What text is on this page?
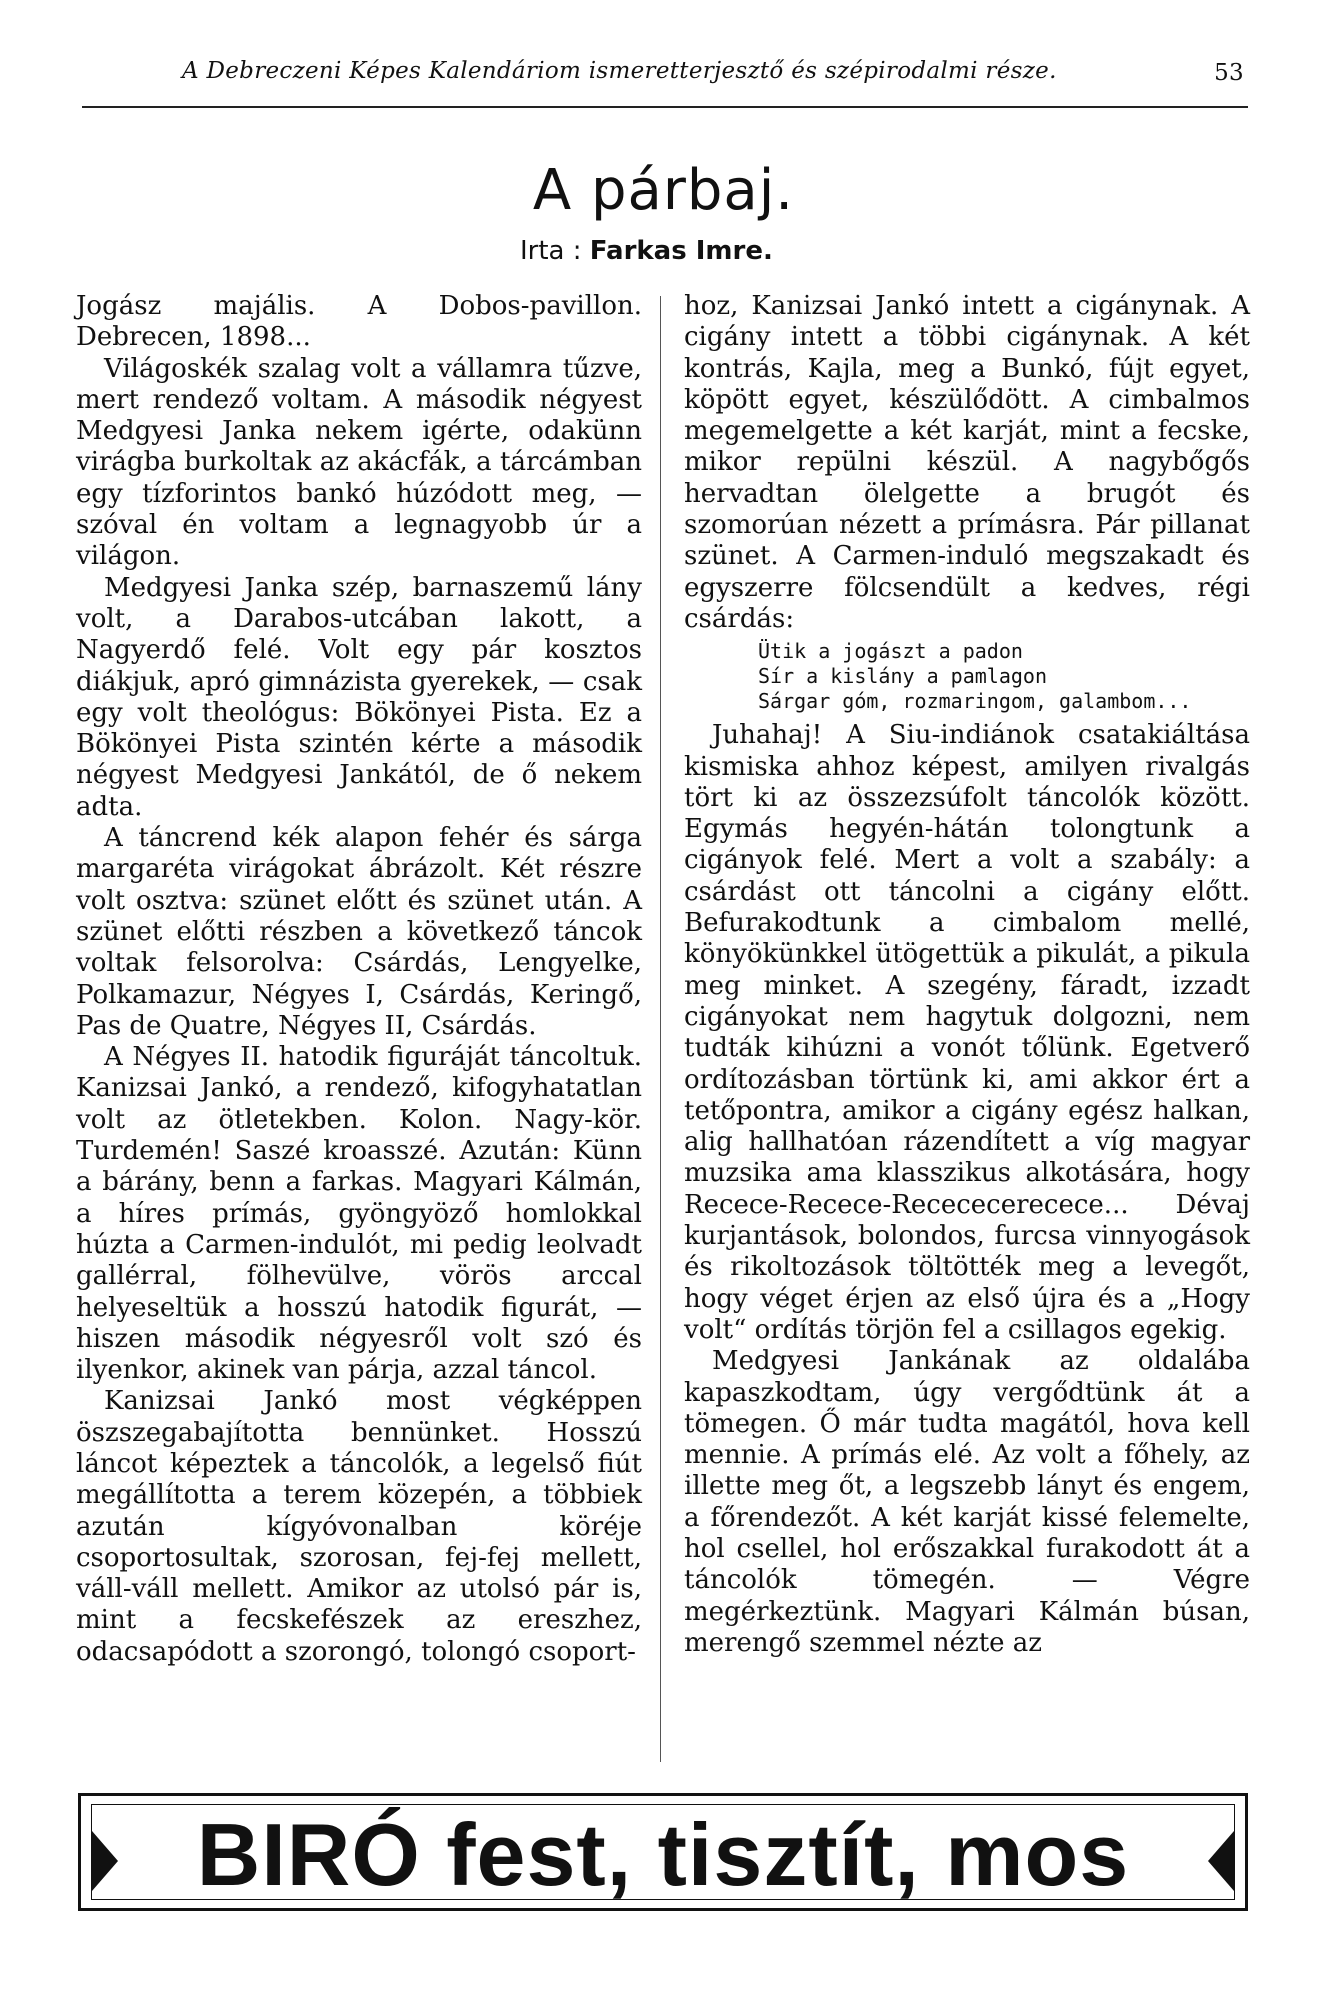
A Debreczeni Képes Kalendáriom ismeretterjesztő és szépirodalmi része.	53
A párbaj.
Irta : Farkas Imre.

Jogász majális. A Dobos-pavillon. Debrecen, 1898...

Világoskék szalag volt a vállamra tűzve, mert rendező voltam. A második négyest Medgyesi Janka nekem igérte, odakünn virágba burkoltak az akácfák, a tárcámban egy tízforintos bankó húzódott meg, — szóval én voltam a legnagyobb úr a világon.

Medgyesi Janka szép, barnaszemű lány volt, a Darabos-utcában lakott, a Nagyerdő felé. Volt egy pár kosztos diákjuk, apró gimnázista gyerekek, — csak egy volt theológus: Bökönyei Pista. Ez a Bökönyei Pista szintén kérte a második négyest Medgyesi Jankától, de ő nekem adta.

A táncrend kék alapon fehér és sárga margaréta virágokat ábrázolt. Két részre volt osztva: szünet előtt és szünet után. A szünet előtti részben a következő táncok voltak felsorolva: Csárdás, Lengyelke, Polkamazur, Négyes I, Csárdás, Keringő, Pas de Quatre, Négyes II, Csárdás.

A Négyes II. hatodik figuráját táncoltuk. Kanizsai Jankó, a rendező, kifogyhatatlan volt az ötletekben. Kolon. Nagy-kör. Turdemén! Saszé kroasszé. Azután: Künn a bárány, benn a farkas. Magyari Kálmán, a híres prímás, gyöngyöző homlokkal húzta a Carmen-indulót, mi pedig leolvadt gallérral, fölhevülve, vörös arccal helyeseltük a hosszú hatodik figurát, — hiszen második négyesről volt szó és ilyenkor, akinek van párja, azzal táncol.

Kanizsai Jankó most végképpen öszszegabajította bennünket. Hosszú láncot képeztek a táncolók, a legelső fiút megállította a terem közepén, a többiek azután kígyóvonalban köréje csoportosultak, szorosan, fej-fej mellett, váll-váll mellett. Amikor az utolsó pár is, mint a fecskefészek az ereszhez, odacsapódott a szorongó, tolongó csoport-

hoz, Kanizsai Jankó intett a cigánynak. A cigány intett a többi cigánynak. A két kontrás, Kajla, meg a Bunkó, fújt egyet, köpött egyet, készülődött. A cimbalmos megemelgette a két karját, mint a fecske, mikor repülni készül. A nagybőgős hervadtan ölelgette a brugót és szomorúan nézett a prímásra. Pár pillanat szünet. A Carmen-induló megszakadt és egyszerre fölcsendült a kedves, régi csárdás:

Ütik a jogászt a padon
Sír a kislány a pamlagon
Sárgar góm, rozmaringom, galambom...

Juhahaj! A Siu-indiánok csatakiáltása kismiska ahhoz képest, amilyen rivalgás tört ki az összezsúfolt táncolók között. Egymás hegyén-hátán tolongtunk a cigányok felé. Mert a volt a szabály: a csárdást ott táncolni a cigány előtt. Befurakodtunk a cimbalom mellé, könyökünkkel ütögettük a pikulát, a pikula meg minket. A szegény, fáradt, izzadt cigányokat nem hagytuk dolgozni, nem tudták kihúzni a vonót tőlünk. Egetverő ordítozásban törtünk ki, ami akkor ért a tetőpontra, amikor a cigány egész halkan, alig hallhatóan rázendített a víg magyar muzsika ama klasszikus alkotására, hogy Recece-Recece-Recececerecece... Dévaj kurjantások, bolondos, furcsa vinnyogások és rikoltozások töltötték meg a levegőt, hogy véget érjen az első újra és a „Hogy volt“ ordítás törjön fel a csillagos egekig.

Medgyesi Jankának az oldalába kapaszkodtam, úgy vergődtünk át a tömegen. Ő már tudta magától, hova kell mennie. A prímás elé. Az volt a főhely, az illette meg őt, a legszebb lányt és engem, a főrendezőt. A két karját kissé felemelte, hol csellel, hol erőszakkal furakodott át a táncolók tömegén. — Végre megérkeztünk. Magyari Kálmán búsan, merengő szemmel nézte az

BIRÓ fest, tisztít, mos
